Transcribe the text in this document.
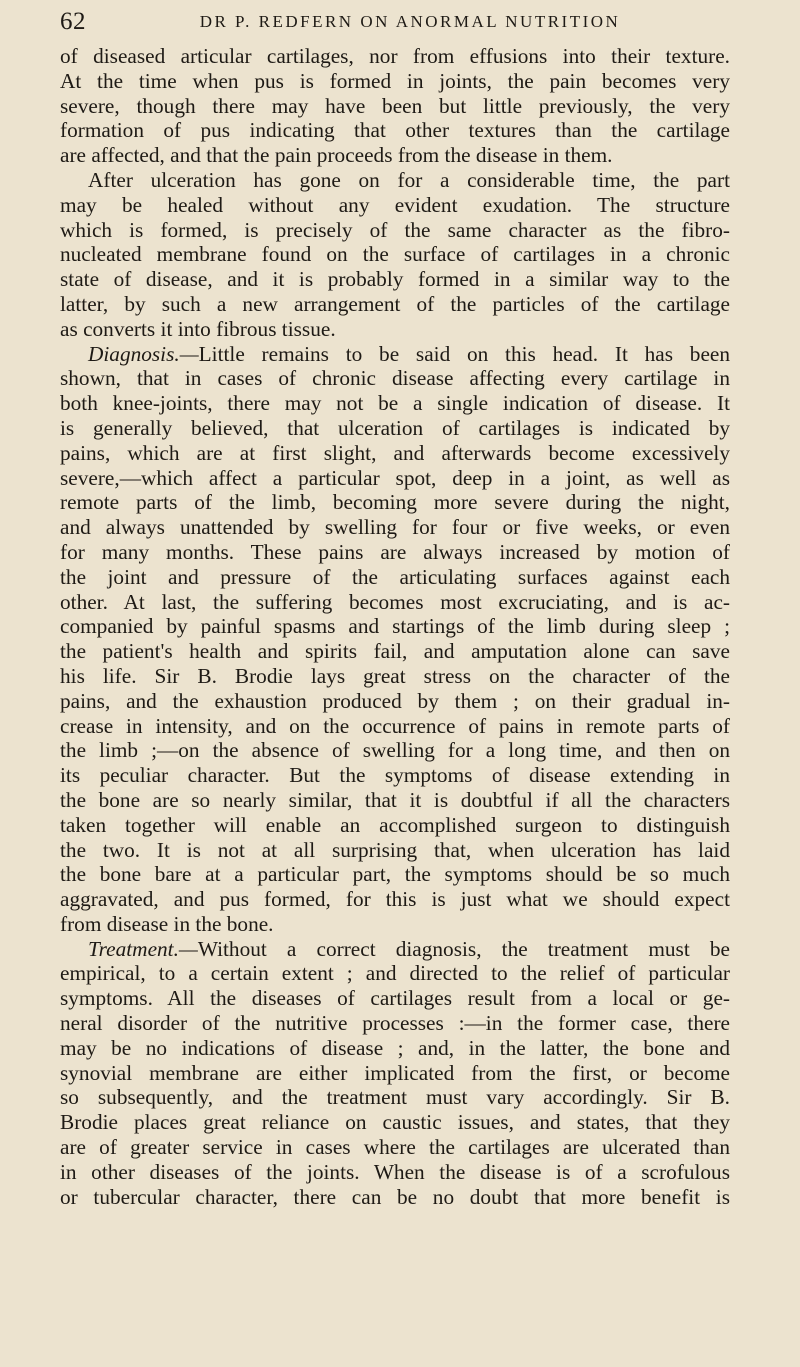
62	DR P. REDFERN ON ANORMAL NUTRITION
of diseased articular cartilages, nor from effusions into their texture.
At the time when pus is formed in joints, the pain becomes very
severe, though there may have been but little previously, the very
formation of pus indicating that other textures than the cartilage
are affected, and that the pain proceeds from the disease in them.
After ulceration has gone on for a considerable time, the part
may be healed without any evident exudation. The structure
which is formed, is precisely of the same character as the fibro-
nucleated membrane found on the surface of cartilages in a chronic
state of disease, and it is probably formed in a similar way to the
latter, by such a new arrangement of the particles of the cartilage
as converts it into fibrous tissue.
Diagnosis.—Little remains to be said on this head. It has been
shown, that in cases of chronic disease affecting every cartilage in
both knee-joints, there may not be a single indication of disease. It
is generally believed, that ulceration of cartilages is indicated by
pains, which are at first slight, and afterwards become excessively
severe,—which affect a particular spot, deep in a joint, as well as
remote parts of the limb, becoming more severe during the night,
and always unattended by swelling for four or five weeks, or even
for many months. These pains are always increased by motion of
the joint and pressure of the articulating surfaces against each
other. At last, the suffering becomes most excruciating, and is ac-
companied by painful spasms and startings of the limb during sleep ;
the patient's health and spirits fail, and amputation alone can save
his life. Sir B. Brodie lays great stress on the character of the
pains, and the exhaustion produced by them ; on their gradual in-
crease in intensity, and on the occurrence of pains in remote parts of
the limb ;—on the absence of swelling for a long time, and then on
its peculiar character. But the symptoms of disease extending in
the bone are so nearly similar, that it is doubtful if all the characters
taken together will enable an accomplished surgeon to distinguish
the two. It is not at all surprising that, when ulceration has laid
the bone bare at a particular part, the symptoms should be so much
aggravated, and pus formed, for this is just what we should expect
from disease in the bone.
Treatment.—Without a correct diagnosis, the treatment must be
empirical, to a certain extent ; and directed to the relief of particular
symptoms. All the diseases of cartilages result from a local or ge-
neral disorder of the nutritive processes :—in the former case, there
may be no indications of disease ; and, in the latter, the bone and
synovial membrane are either implicated from the first, or become
so subsequently, and the treatment must vary accordingly. Sir B.
Brodie places great reliance on caustic issues, and states, that they
are of greater service in cases where the cartilages are ulcerated than
in other diseases of the joints. When the disease is of a scrofulous
or tubercular character, there can be no doubt that more benefit is
